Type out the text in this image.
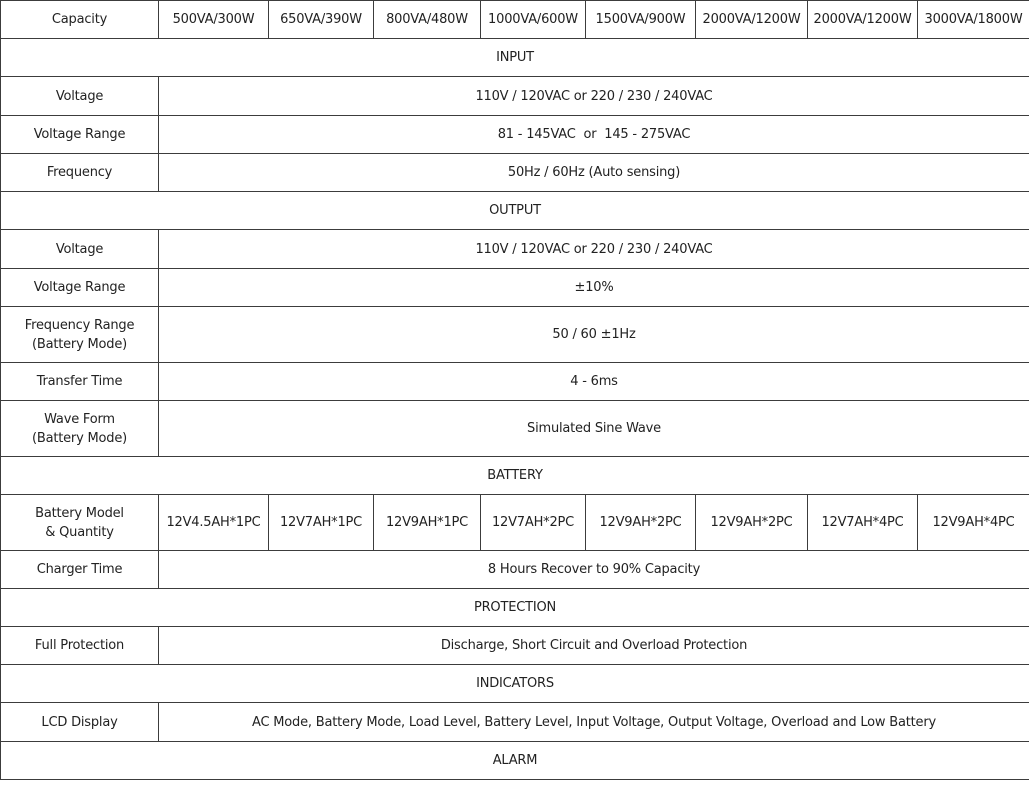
Capacity	500VA/300W	650VA/390W	800VA/480W	1000VA/600W	1500VA/900W	2000VA/1200W	2000VA/1200W	3000VA/1800W
INPUT								
Voltage	110V / 120VAC or 220 / 230 / 240VAC							
Voltage Range	81 - 145VAC  or  145 - 275VAC							
Frequency	50Hz / 60Hz (Auto sensing)							
OUTPUT								
Voltage	110V / 120VAC or 220 / 230 / 240VAC							
Voltage Range	±10%							

Frequency Range
(Battery Mode)	50 / 60 ±1Hz							
Transfer Time	4 - 6ms							

Wave Form
(Battery Mode)	Simulated Sine Wave							
BATTERY								

Battery Model
& Quantity	12V4.5AH*1PC	12V7AH*1PC	12V9AH*1PC	12V7AH*2PC	12V9AH*2PC	12V9AH*2PC	12V7AH*4PC	12V9AH*4PC
Charger Time	8 Hours Recover to 90% Capacity							
PROTECTION								
Full Protection	Discharge, Short Circuit and Overload Protection							
INDICATORS								
LCD Display	AC Mode, Battery Mode, Load Level, Battery Level, Input Voltage, Output Voltage, Overload and Low Battery							
ALARM								
